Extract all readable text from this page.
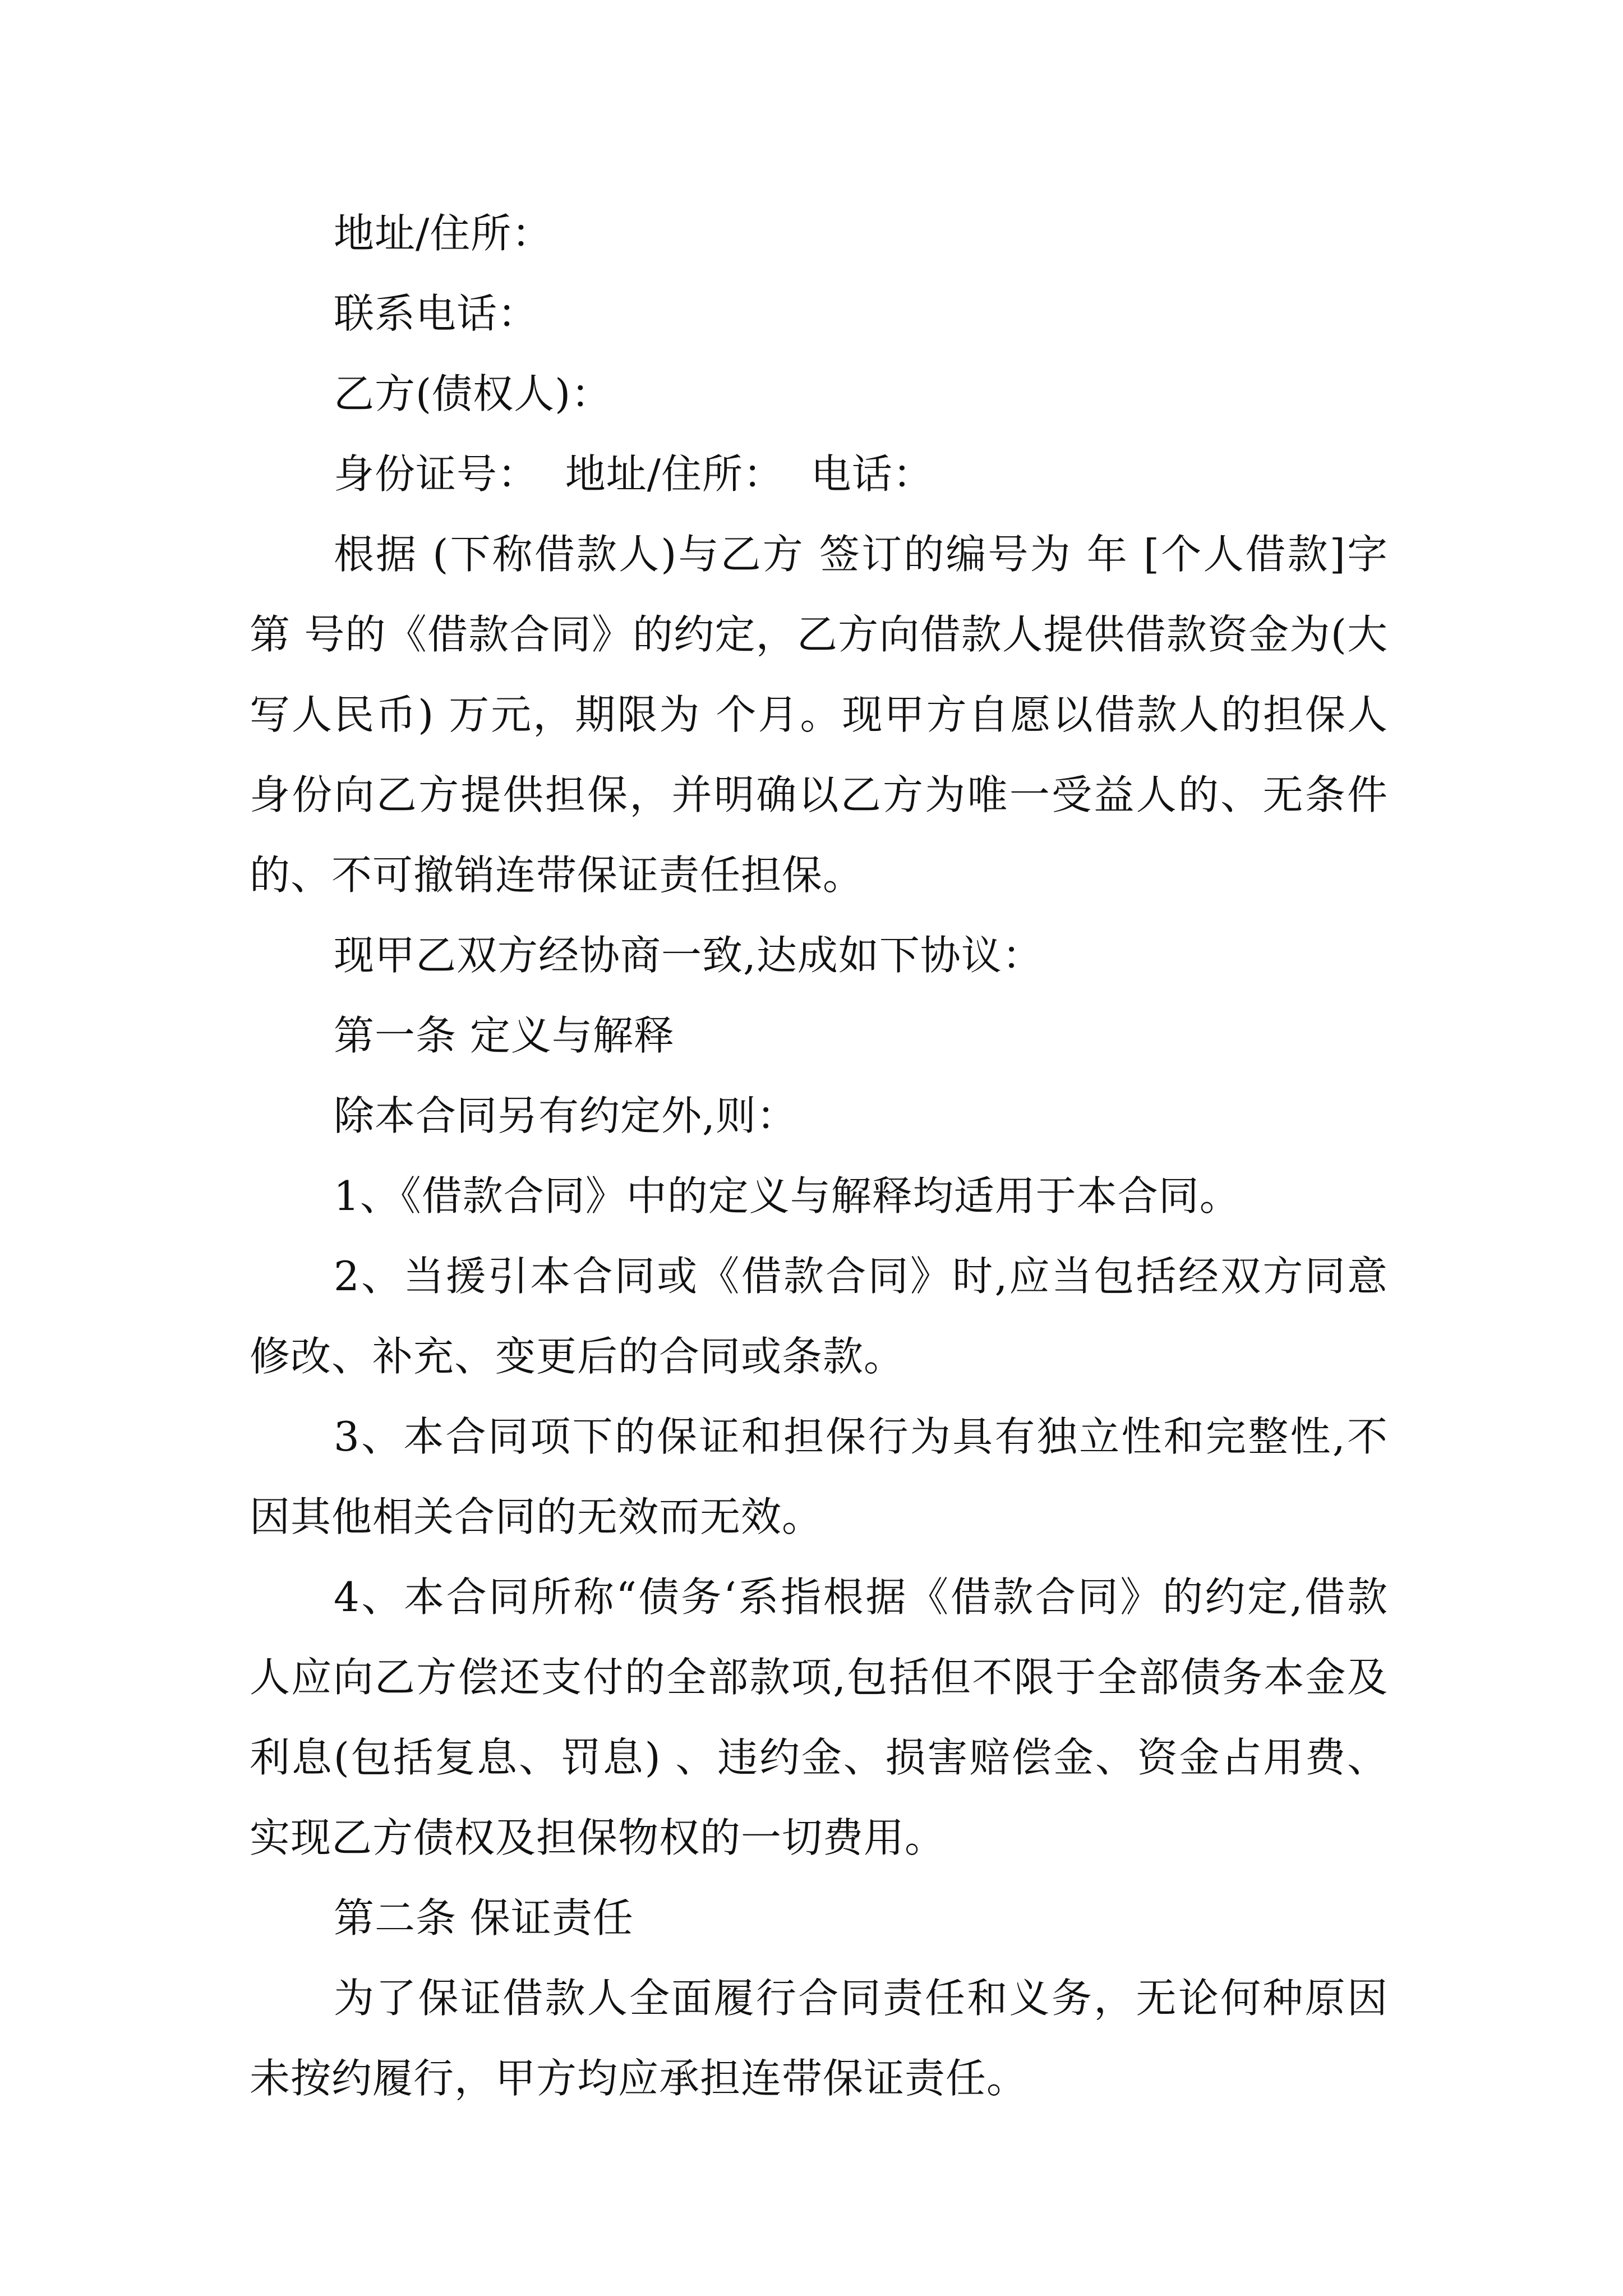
地址/住所：

联系电话：

乙方(债权人)：

身份证号：  地址/住所：  电话：

根据 (下称借款人)与乙方 签订的编号为 年 [个人借款]字第 号的《借款合同》的约定，乙方向借款人提供借款资金为(大写人民币) 万元，期限为 个月。现甲方自愿以借款人的担保人身份向乙方提供担保，并明确以乙方为唯一受益人的、无条件的、不可撤销连带保证责任担保。

现甲乙双方经协商一致,达成如下协议：

第一条 定义与解释

除本合同另有约定外,则：

1、《借款合同》中的定义与解释均适用于本合同。

2、当援引本合同或《借款合同》时,应当包括经双方同意修改、补充、变更后的合同或条款。

3、本合同项下的保证和担保行为具有独立性和完整性,不因其他相关合同的无效而无效。

4、本合同所称“债务‘系指根据《借款合同》的约定,借款人应向乙方偿还支付的全部款项,包括但不限于全部债务本金及利息(包括复息、罚息) 、违约金、损害赔偿金、资金占用费、实现乙方债权及担保物权的一切费用。

第二条 保证责任

为了保证借款人全面履行合同责任和义务，无论何种原因未按约履行，甲方均应承担连带保证责任。
